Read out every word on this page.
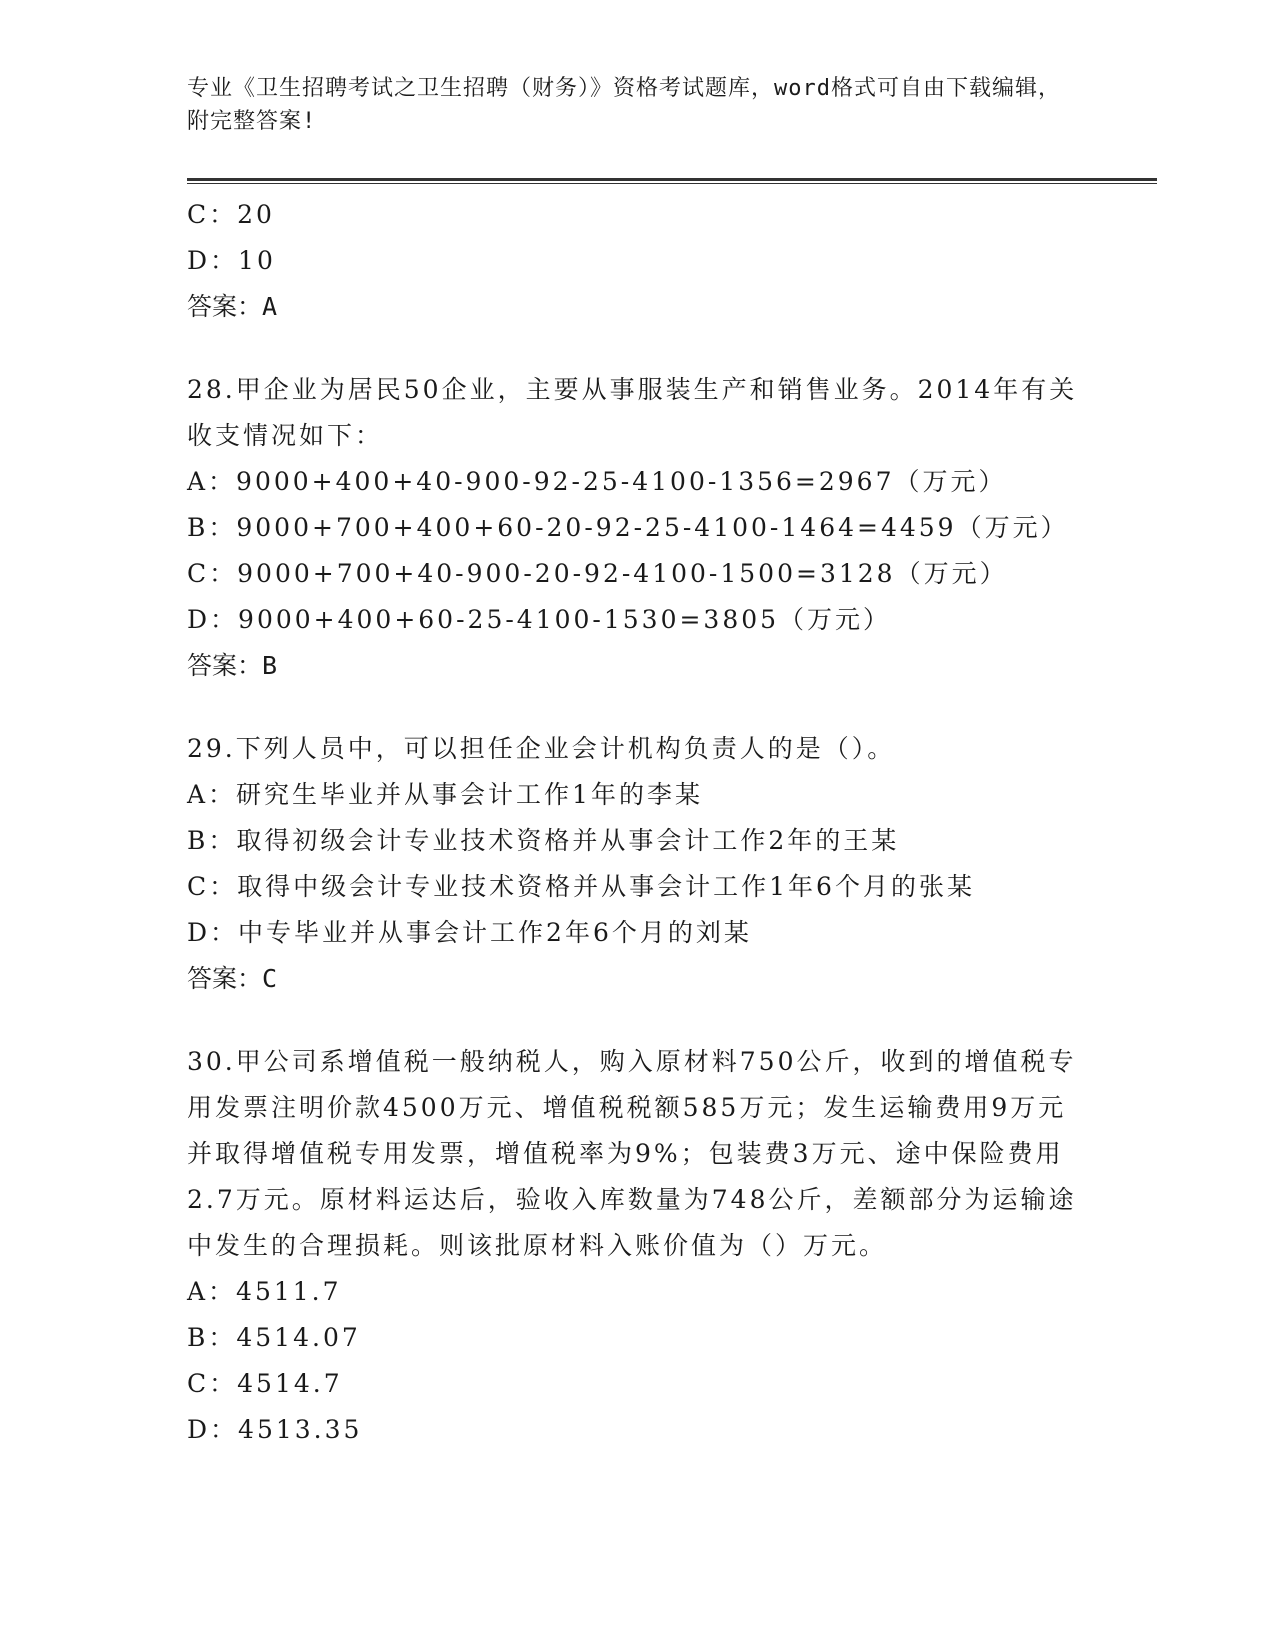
专业《卫生招聘考试之卫生招聘（财务）》资格考试题库，word格式可自由下载编辑，附完整答案!

C：20

D：10

答案：A

28.甲企业为居民50企业，主要从事服装生产和销售业务。2014年有关收支情况如下：

A：9000+400+40-900-92-25-4100-1356=2967（万元）

B：9000+700+400+60-20-92-25-4100-1464=4459（万元）

C：9000+700+40-900-20-92-4100-1500=3128（万元）

D：9000+400+60-25-4100-1530=3805（万元）

答案：B

29.下列人员中，可以担任企业会计机构负责人的是（）。

A：研究生毕业并从事会计工作1年的李某

B：取得初级会计专业技术资格并从事会计工作2年的王某

C：取得中级会计专业技术资格并从事会计工作1年6个月的张某

D：中专毕业并从事会计工作2年6个月的刘某

答案：C

30.甲公司系增值税一般纳税人，购入原材料750公斤，收到的增值税专用发票注明价款4500万元、增值税税额585万元；发生运输费用9万元并取得增值税专用发票，增值税率为9%；包装费3万元、途中保险费用2.7万元。原材料运达后，验收入库数量为748公斤，差额部分为运输途中发生的合理损耗。则该批原材料入账价值为（）万元。

A：4511.7

B：4514.07

C：4514.7

D：4513.35
